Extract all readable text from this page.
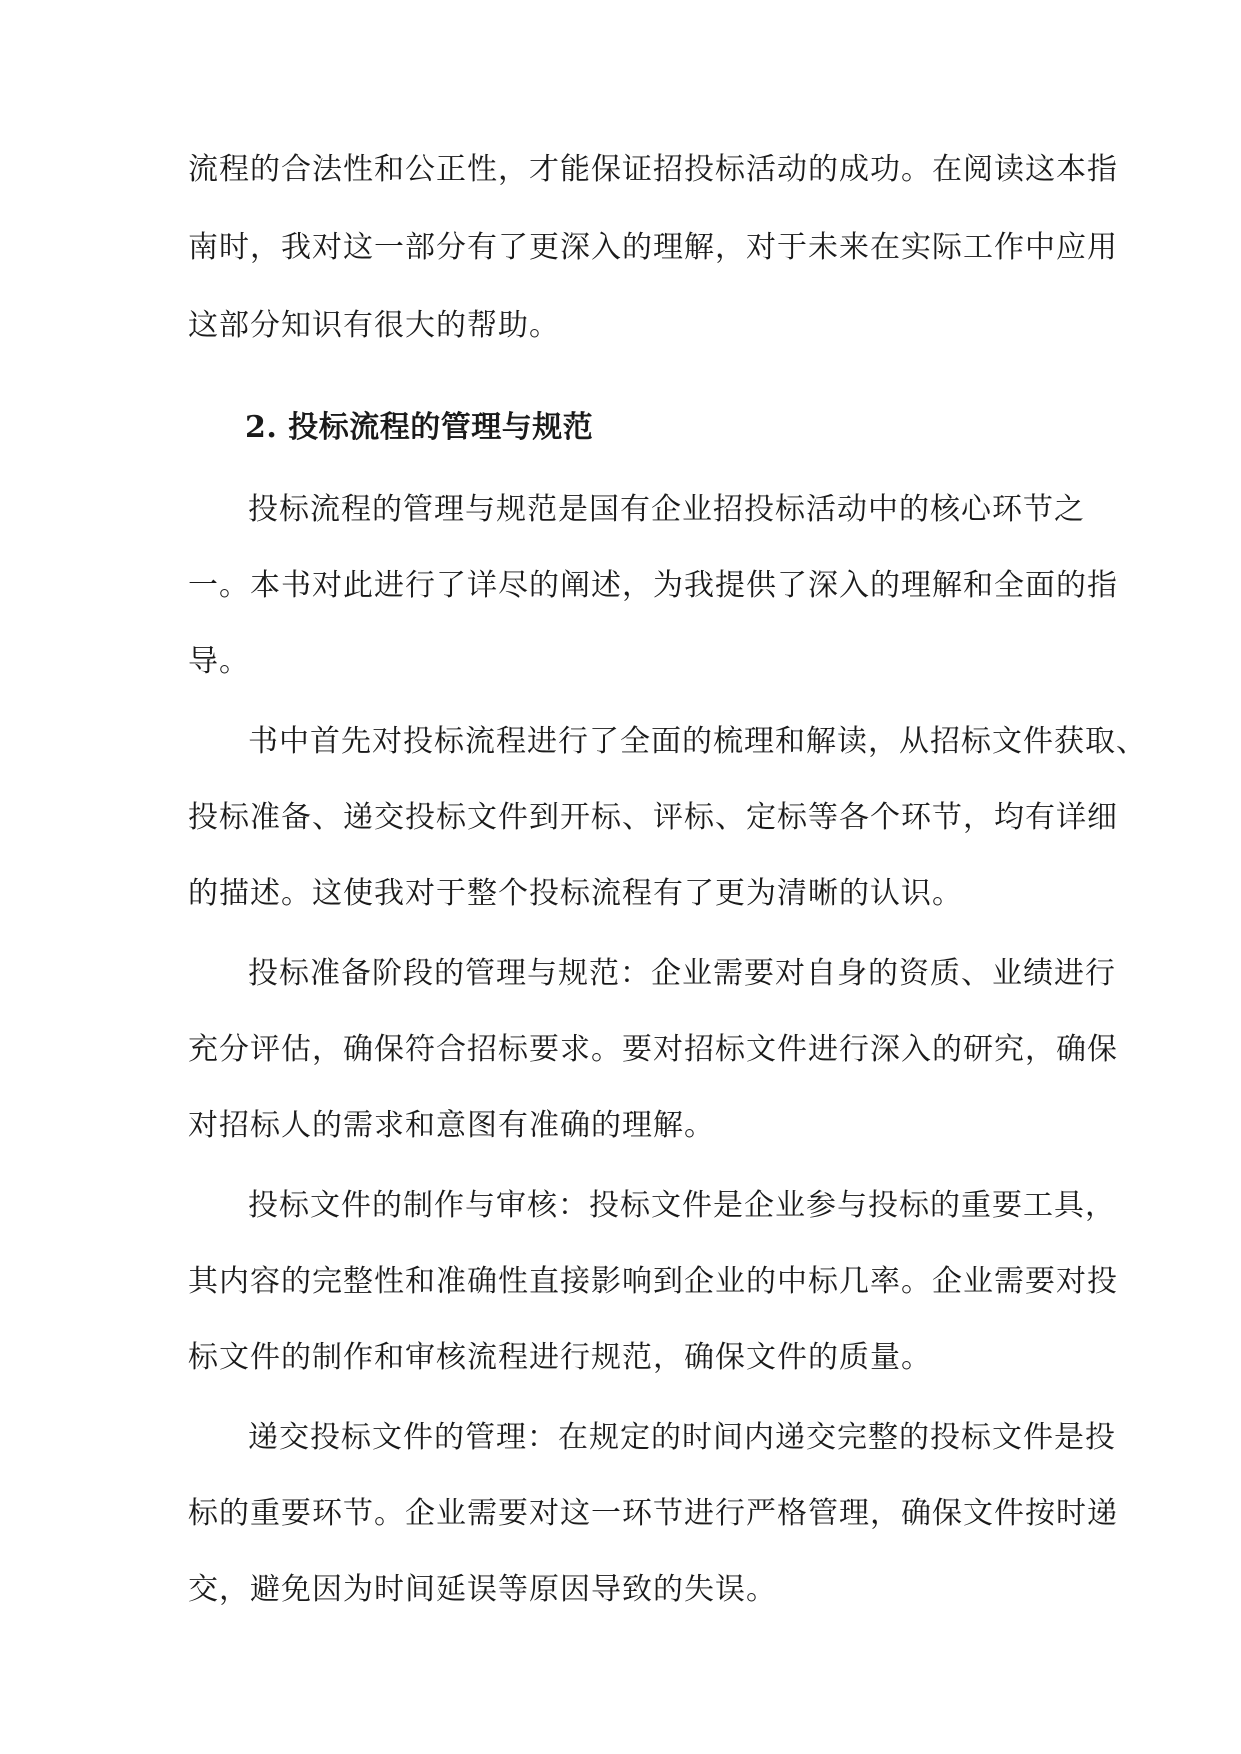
流程的合法性和公正性，才能保证招投标活动的成功。在阅读这本指
南时，我对这一部分有了更深入的理解，对于未来在实际工作中应用
这部分知识有很大的帮助。
2. 投标流程的管理与规范
投标流程的管理与规范是国有企业招投标活动中的核心环节之
一。本书对此进行了详尽的阐述，为我提供了深入的理解和全面的指
导。
书中首先对投标流程进行了全面的梳理和解读，从招标文件获取、
投标准备、递交投标文件到开标、评标、定标等各个环节，均有详细
的描述。这使我对于整个投标流程有了更为清晰的认识。
投标准备阶段的管理与规范：企业需要对自身的资质、业绩进行
充分评估，确保符合招标要求。要对招标文件进行深入的研究，确保
对招标人的需求和意图有准确的理解。
投标文件的制作与审核：投标文件是企业参与投标的重要工具，
其内容的完整性和准确性直接影响到企业的中标几率。企业需要对投
标文件的制作和审核流程进行规范，确保文件的质量。
递交投标文件的管理：在规定的时间内递交完整的投标文件是投
标的重要环节。企业需要对这一环节进行严格管理，确保文件按时递
交，避免因为时间延误等原因导致的失误。
